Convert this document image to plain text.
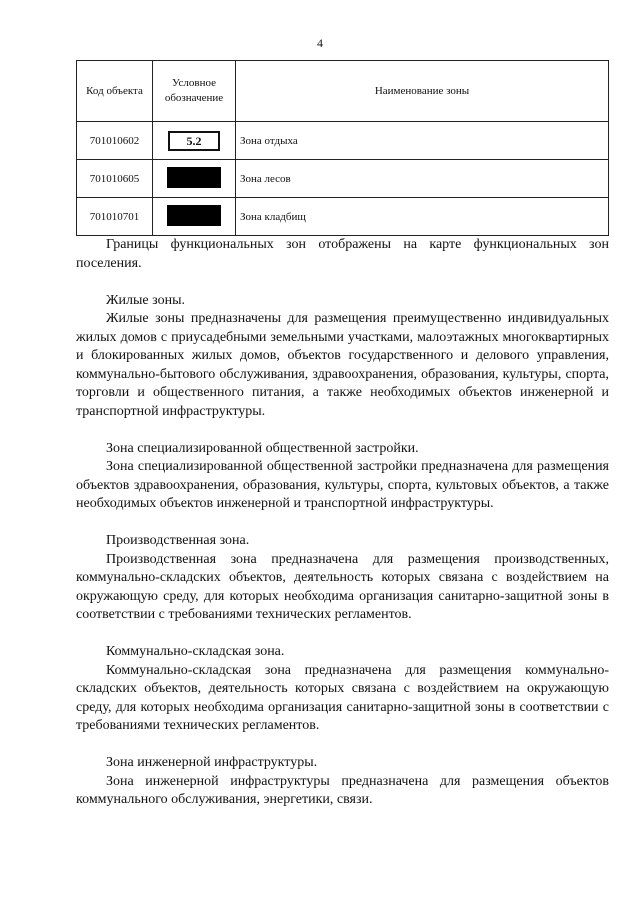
4
Код объекта	Условное обозначение	Наименование зоны
701010602	5.2	Зона отдыха
701010605		Зона лесов
701010701		Зона кладбищ

Границы функциональных зон отображены на карте функциональных зон поселения.

Жилые зоны.

Жилые зоны предназначены для размещения преимущественно индивидуальных жилых домов с приусадебными земельными участками, малоэтажных многоквартирных и блокированных жилых домов, объектов государственного и делового управления, коммунально-бытового обслуживания, здравоохранения, образования, культуры, спорта, торговли и общественного питания, а также необходимых объектов инженерной и транспортной инфраструктуры.

Зона специализированной общественной застройки.

Зона специализированной общественной застройки предназначена для размещения объектов здравоохранения, образования, культуры, спорта, культовых объектов, а также необходимых объектов инженерной и транспортной инфраструктуры.

Производственная зона.

Производственная зона предназначена для размещения производственных, коммунально-складских объектов, деятельность которых связана с воздействием на окружающую среду, для которых необходима организация санитарно-защитной зоны в соответствии с требованиями технических регламентов.

Коммунально-складская зона.

Коммунально-складская зона предназначена для размещения коммунально-складских объектов, деятельность которых связана с воздействием на окружающую среду, для которых необходима организация санитарно-защитной зоны в соответствии с требованиями технических регламентов.

Зона инженерной инфраструктуры.

Зона инженерной инфраструктуры предназначена для размещения объектов коммунального обслуживания, энергетики, связи.
